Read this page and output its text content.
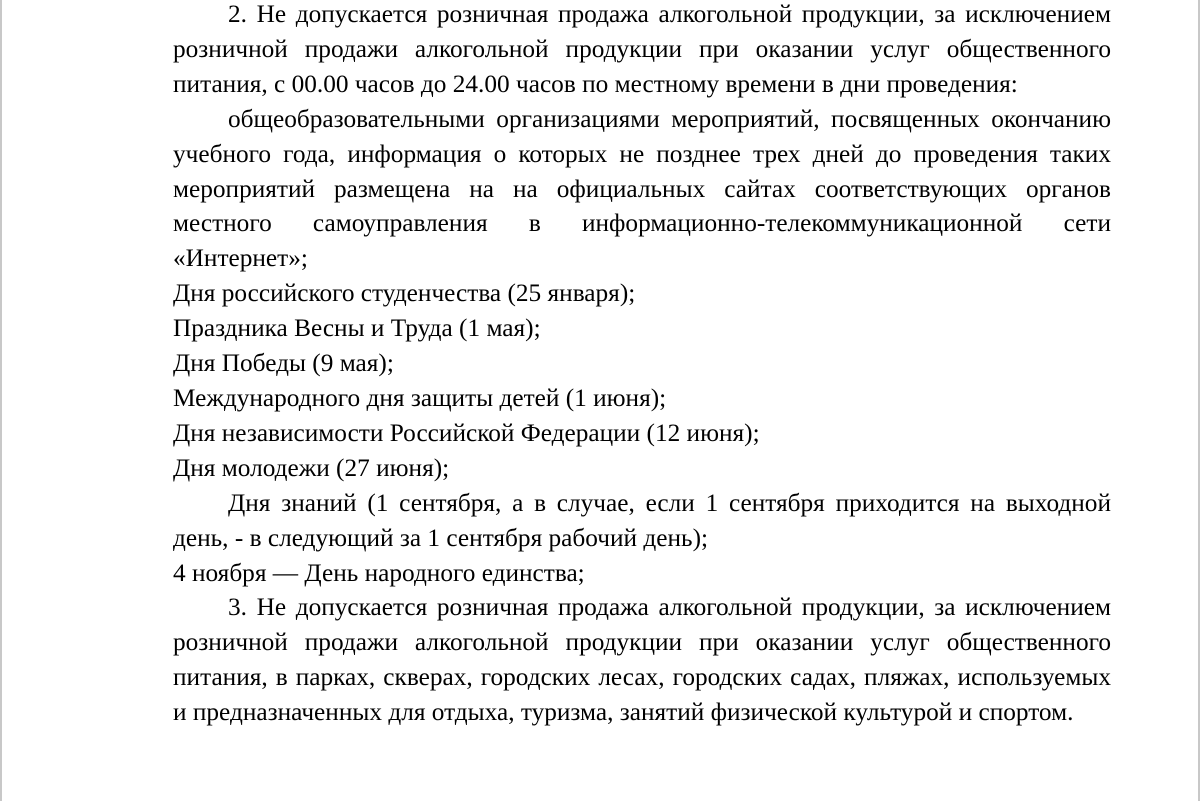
2. Не допускается розничная продажа алкогольной продукции, за исключением розничной продажи алкогольной продукции при оказании услуг общественного питания, с 00.00 часов до 24.00 часов по местному времени в дни проведения:

общеобразовательными организациями мероприятий, посвященных окончанию учебного года, информация о которых не позднее трех дней до проведения таких мероприятий размещена на на официальных сайтах соответствующих органов местного самоуправления в информационно-телекоммуникационной сети «Интернет»;

Дня российского студенчества (25 января);

Праздника Весны и Труда (1 мая);

Дня Победы (9 мая);

Международного дня защиты детей (1 июня);

Дня независимости Российской Федерации (12 июня);

Дня молодежи (27 июня);

Дня знаний (1 сентября, а в случае, если 1 сентября приходится на выходной день, - в следующий за 1 сентября рабочий день);

4 ноября — День народного единства;

3. Не допускается розничная продажа алкогольной продукции, за исключением розничной продажи алкогольной продукции при оказании услуг общественного питания, в парках, скверах, городских лесах, городских садах, пляжах, используемых и предназначенных для отдыха, туризма, занятий физической культурой и спортом.
